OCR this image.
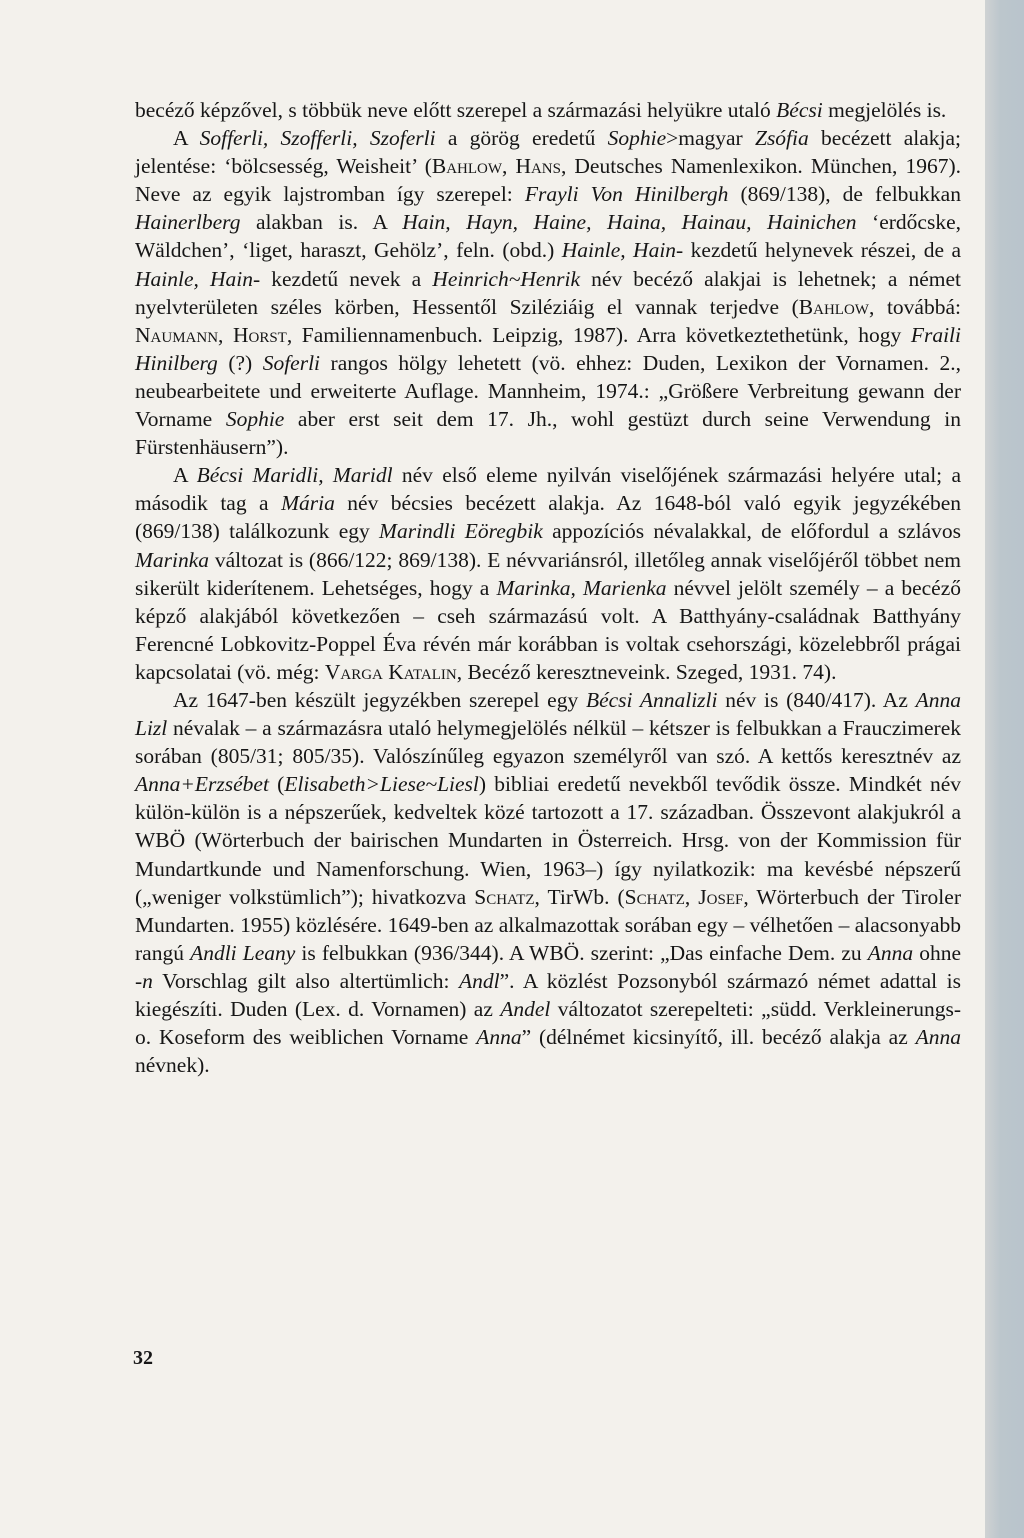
becéző képzővel, s többük neve előtt szerepel a származási helyükre utaló Bécsi megjelölés is.

A Sofferli, Szofferli, Szoferli a görög eredetű Sophie>magyar Zsófia becézett alakja; jelentése: ‘bölcsesség, Weisheit’ (Bahlow, Hans, Deutsches Namenlexikon. München, 1967). Neve az egyik lajstromban így szerepel: Frayli Von Hinilbergh (869/138), de felbukkan Hainerlberg alakban is. A Hain, Hayn, Haine, Haina, Hainau, Hainichen ‘erdőcske, Wäldchen’, ‘liget, haraszt, Gehölz’, feln. (obd.) Hainle, Hain- kezdetű helynevek részei, de a Hainle, Hain- kezdetű nevek a Heinrich~Henrik név becéző alakjai is lehetnek; a német nyelvterületen széles körben, Hessentől Sziléziáig el vannak terjedve (Bahlow, továbbá: Naumann, Horst, Familiennamenbuch. Leipzig, 1987). Arra következtethetünk, hogy Fraili Hinilberg (?) Soferli rangos hölgy lehetett (vö. ehhez: Duden, Lexikon der Vornamen. 2., neubearbeitete und erweiterte Auflage. Mannheim, 1974.: „Größere Verbreitung gewann der Vorname Sophie aber erst seit dem 17. Jh., wohl gestüzt durch seine Verwendung in Fürstenhäusern”).

A Bécsi Maridli, Maridl név első eleme nyilván viselőjének származási helyére utal; a második tag a Mária név bécsies becézett alakja. Az 1648-ból való egyik jegyzékében (869/138) találkozunk egy Marindli Eöregbik appozíciós névalakkal, de előfordul a szlávos Marinka változat is (866/122; 869/138). E névvariánsról, illetőleg annak viselőjéről többet nem sikerült kiderítenem. Lehetséges, hogy a Marinka, Marienka névvel jelölt személy – a becéző képző alakjából következően – cseh származású volt. A Batthyány-családnak Batthyány Ferencné Lobkovitz-Poppel Éva révén már korábban is voltak csehországi, közelebbről prágai kapcsolatai (vö. még: Varga Katalin, Becéző keresztneveink. Szeged, 1931. 74).

Az 1647-ben készült jegyzékben szerepel egy Bécsi Annalizli név is (840/417). Az Anna Lizl névalak – a származásra utaló helymegjelölés nélkül – kétszer is felbukkan a Frauczimerek sorában (805/31; 805/35). Valószínűleg egyazon személyről van szó. A kettős keresztnév az Anna+Erzsébet (Elisabeth>Liese~Liesl) bibliai eredetű nevekből tevődik össze. Mindkét név külön-külön is a népszerűek, kedveltek közé tartozott a 17. században. Összevont alakjukról a WBÖ (Wörterbuch der bairischen Mundarten in Österreich. Hrsg. von der Kommission für Mundartkunde und Namenforschung. Wien, 1963–) így nyilatkozik: ma kevésbé népszerű („weniger volkstümlich”); hivatkozva Schatz, TirWb. (Schatz, Josef, Wörterbuch der Tiroler Mundarten. 1955) közlésére. 1649-ben az alkalmazottak sorában egy – vélhetően – alacsonyabb rangú Andli Leany is felbukkan (936/344). A WBÖ. szerint: „Das einfache Dem. zu Anna ohne -n Vorschlag gilt also altertümlich: Andl”. A közlést Pozsonyból származó német adattal is kiegészíti. Duden (Lex. d. Vornamen) az Andel változatot szerepelteti: „südd. Verkleinerungs- o. Koseform des weiblichen Vorname Anna” (délnémet kicsinyítő, ill. becéző alakja az Anna névnek).

32
